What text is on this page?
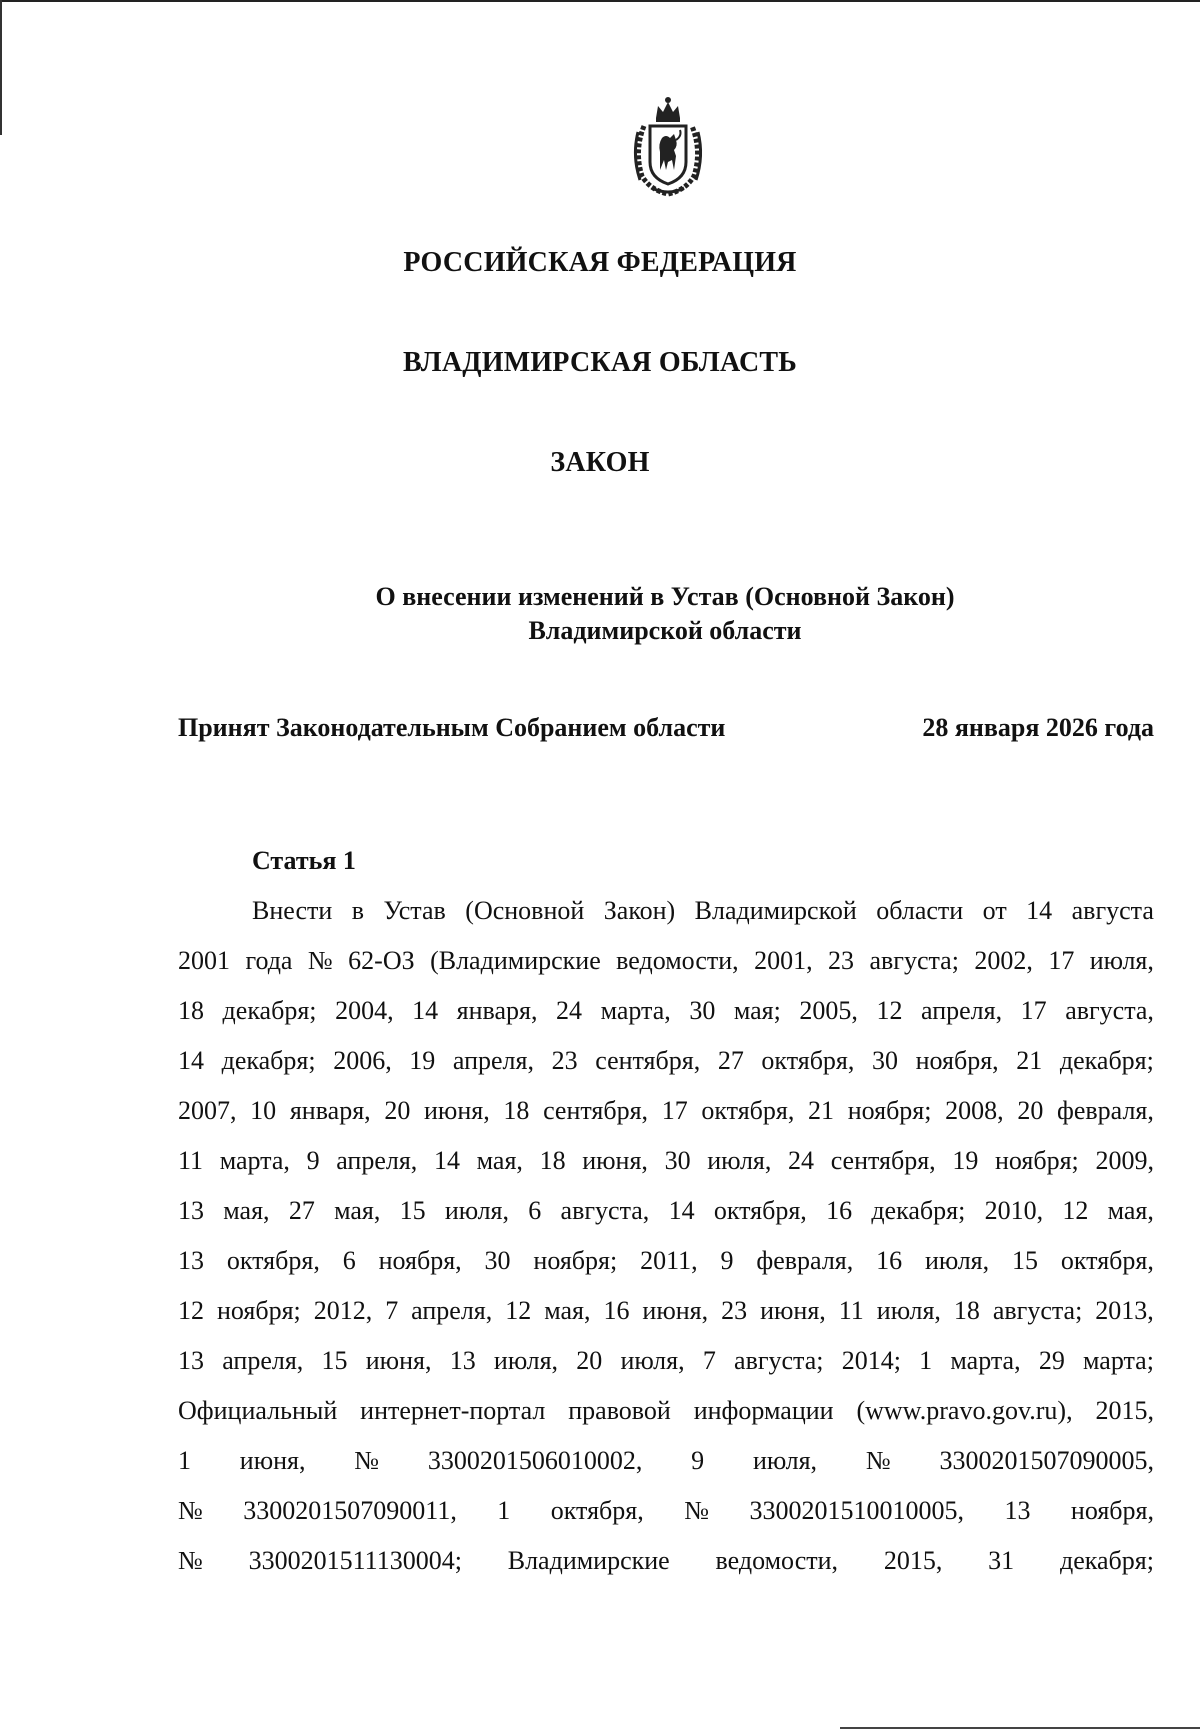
РОССИЙСКАЯ ФЕДЕРАЦИЯ
ВЛАДИМИРСКАЯ ОБЛАСТЬ
ЗАКОН
О внесении изменений в Устав (Основной Закон)
Владимирской области
Принят Законодательным Собранием области	28 января 2026 года
Статья 1
Внести в Устав (Основной Закон) Владимирской области от 14 августа
2001 года № 62-ОЗ (Владимирские ведомости, 2001, 23 августа; 2002, 17 июля,
18 декабря; 2004, 14 января, 24 марта, 30 мая; 2005, 12 апреля, 17 августа,
14 декабря; 2006, 19 апреля, 23 сентября, 27 октября, 30 ноября, 21 декабря;
2007, 10 января, 20 июня, 18 сентября, 17 октября, 21 ноября; 2008, 20 февраля,
11 марта, 9 апреля, 14 мая, 18 июня, 30 июля, 24 сентября, 19 ноября; 2009,
13 мая, 27 мая, 15 июля, 6 августа, 14 октября, 16 декабря; 2010, 12 мая,
13 октября, 6 ноября, 30 ноября; 2011, 9 февраля, 16 июля, 15 октября,
12 ноября; 2012, 7 апреля, 12 мая, 16 июня, 23 июня, 11 июля, 18 августа; 2013,
13 апреля, 15 июня, 13 июля, 20 июля, 7 августа; 2014; 1 марта, 29 марта;
Официальный интернет-портал правовой информации (www.pravo.gov.ru), 2015,
1 июня, № 3300201506010002, 9 июля, № 3300201507090005,
№ 3300201507090011, 1 октября, № 3300201510010005, 13 ноября,
№ 3300201511130004; Владимирские ведомости, 2015, 31 декабря;
